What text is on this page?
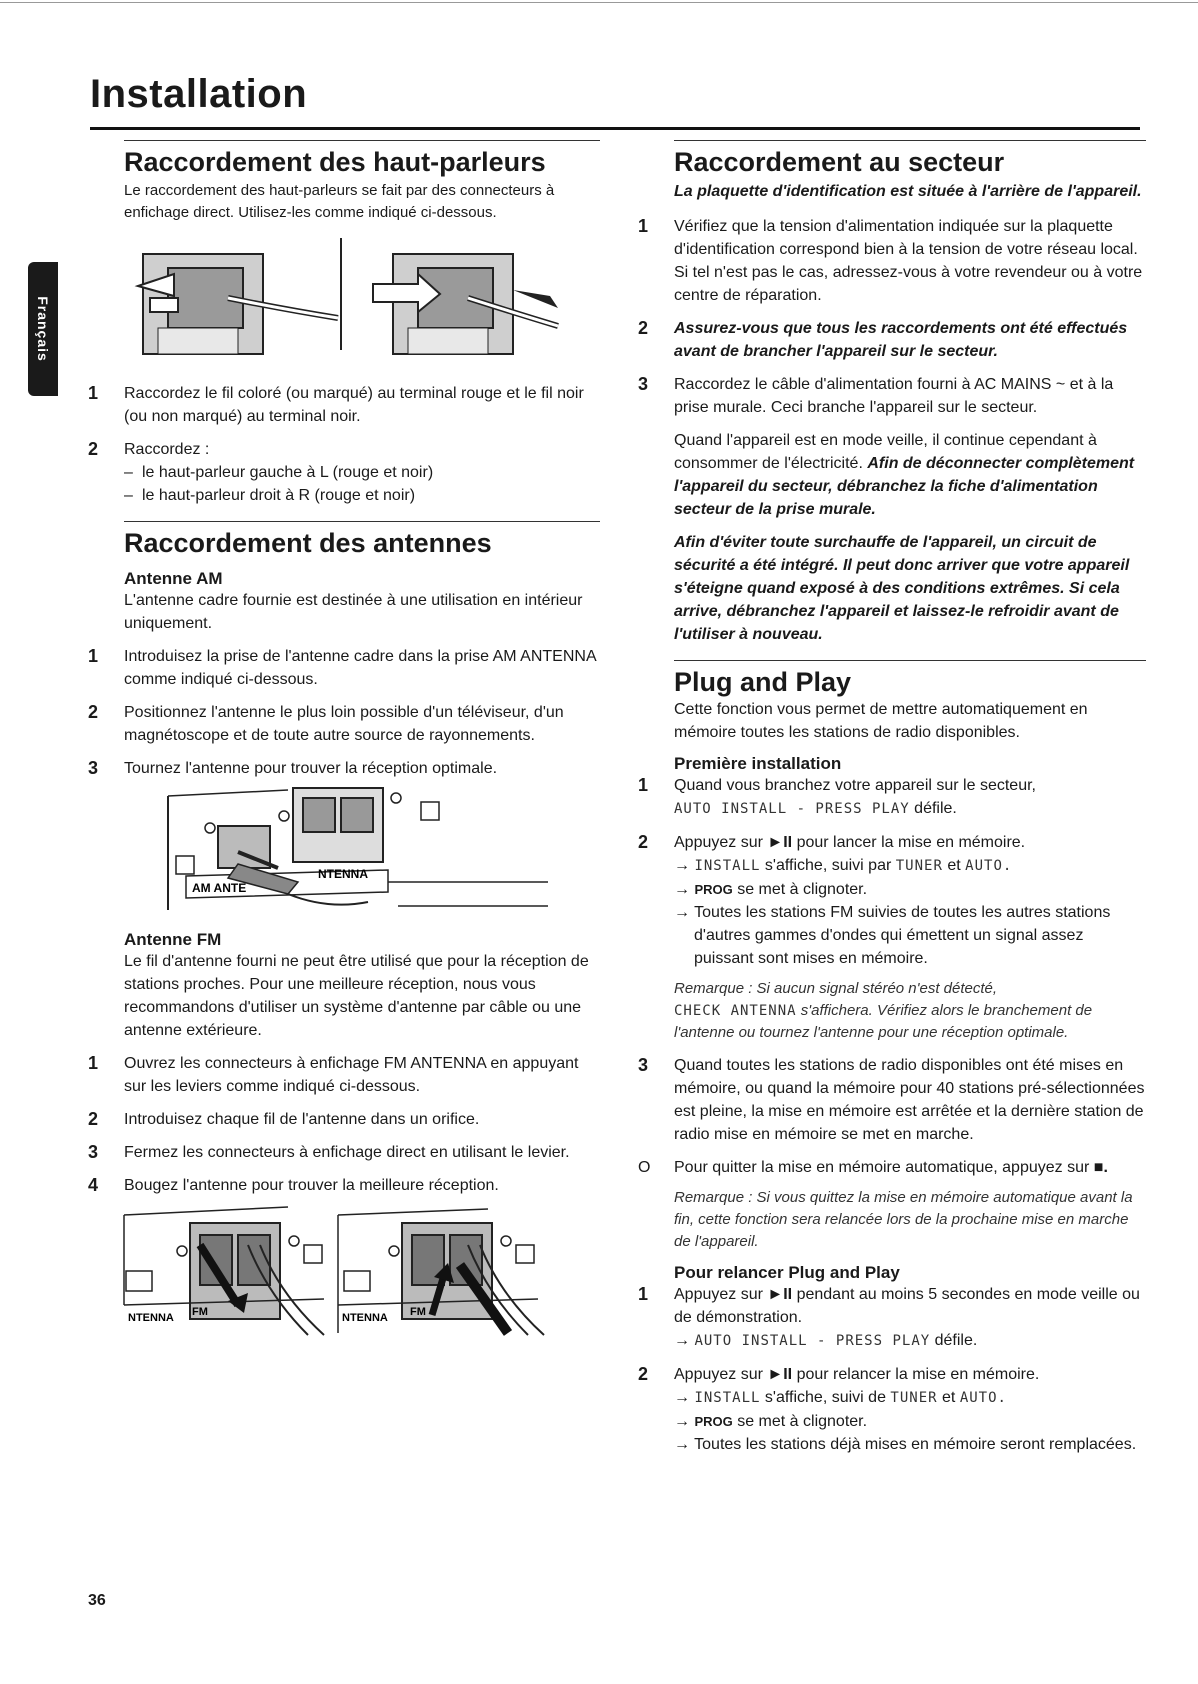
Installation
Français
Raccordement des haut-parleurs

Le raccordement des haut-parleurs se fait par des connecteurs à enfichage direct. Utilisez-les comme indiqué ci-dessous.

1 Raccordez le fil coloré (ou marqué) au terminal rouge et le fil noir (ou non marqué) au terminal noir.
2 Raccordez :
– le haut-parleur gauche à L (rouge et noir)
– le haut-parleur droit à R (rouge et noir)
Raccordement des antennes
Antenne AM

L'antenne cadre fournie est destinée à une utilisation en intérieur uniquement.

1 Introduisez la prise de l'antenne cadre dans la prise AM ANTENNA comme indiqué ci-dessous.
2 Positionnez l'antenne le plus loin possible d'un téléviseur, d'un magnétoscope et de toute autre source de rayonnements.
3 Tournez l'antenne pour trouver la réception optimale.
AM ANTE
NTENNA
Antenne FM

Le fil d'antenne fourni ne peut être utilisé que pour la réception de stations proches. Pour une meilleure réception, nous vous recommandons d'utiliser un système d'antenne par câble ou une antenne extérieure.

1 Ouvrez les connecteurs à enfichage FM ANTENNA en appuyant sur les leviers comme indiqué ci-dessous.
2 Introduisez chaque fil de l'antenne dans un orifice.
3 Fermez les connecteurs à enfichage direct en utilisant le levier.
4 Bougez l'antenne pour trouver la meilleure réception.
NTENNA FM	NTENNA FM
Raccordement au secteur

La plaquette d'identification est située à l'arrière de l'appareil.

1 Vérifiez que la tension d'alimentation indiquée sur la plaquette d'identification correspond bien à la tension de votre réseau local. Si tel n'est pas le cas, adressez-vous à votre revendeur ou à votre centre de réparation.
2 Assurez-vous que tous les raccordements ont été effectués avant de brancher l'appareil sur le secteur.
3 Raccordez le câble d'alimentation fourni à AC MAINS ~ et à la prise murale. Ceci branche l'appareil sur le secteur.

Quand l'appareil est en mode veille, il continue cependant à consommer de l'électricité. Afin de déconnecter complètement l'appareil du secteur, débranchez la fiche d'alimentation secteur de la prise murale.

Afin d'éviter toute surchauffe de l'appareil, un circuit de sécurité a été intégré. Il peut donc arriver que votre appareil s'éteigne quand exposé à des conditions extrêmes. Si cela arrive, débranchez l'appareil et laissez-le refroidir avant de l'utiliser à nouveau.

Plug and Play

Cette fonction vous permet de mettre automatiquement en mémoire toutes les stations de radio disponibles.

Première installation
1 Quand vous branchez votre appareil sur le secteur,
AUTO INSTALL - PRESS PLAY défile.
2 Appuyez sur ►II pour lancer la mise en mémoire.
→ INSTALL s'affiche, suivi par TUNER et AUTO.
→ PROG se met à clignoter.
→ Toutes les stations FM suivies de toutes les autres stations d'autres gammes d'ondes qui émettent un signal assez puissant sont mises en mémoire.

Remarque : Si aucun signal stéréo n'est détecté,
CHECK ANTENNA s'affichera. Vérifiez alors le branchement de l'antenne ou tournez l'antenne pour une réception optimale.

3 Quand toutes les stations de radio disponibles ont été mises en mémoire, ou quand la mémoire pour 40 stations pré-sélectionnées est pleine, la mise en mémoire est arrêtée et la dernière station de radio mise en mémoire se met en marche.
O Pour quitter la mise en mémoire automatique, appuyez sur ■.

Remarque : Si vous quittez la mise en mémoire automatique avant la fin, cette fonction sera relancée lors de la prochaine mise en marche de l'appareil.

Pour relancer Plug and Play
1 Appuyez sur ►II pendant au moins 5 secondes en mode veille ou de démonstration.
→ AUTO INSTALL - PRESS PLAY défile.
2 Appuyez sur ►II pour relancer la mise en mémoire.
→ INSTALL s'affiche, suivi de TUNER et AUTO.
→ PROG se met à clignoter.
→ Toutes les stations déjà mises en mémoire seront remplacées.
36
